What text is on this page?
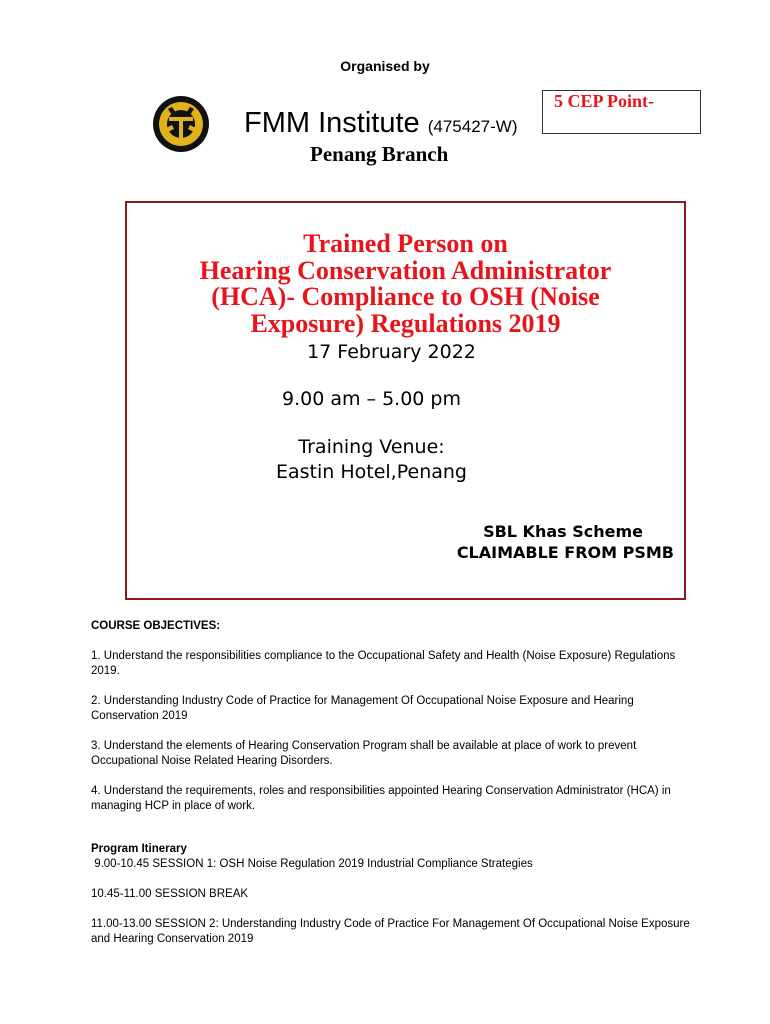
Organised by
FMM Institute (475427-W)
Penang Branch
5 CEP Point-
Trained Person on
Hearing Conservation Administrator
(HCA)- Compliance to OSH (Noise
Exposure) Regulations 2019
17 February 2022
9.00 am – 5.00 pm
Training Venue:
Eastin Hotel,Penang
SBL Khas Scheme
CLAIMABLE FROM PSMB
COURSE OBJECTIVES:
1. Understand the responsibilities compliance to the Occupational Safety and Health (Noise Exposure) Regulations 2019.
2. Understanding Industry Code of Practice for Management Of Occupational Noise Exposure and Hearing Conservation 2019
3. Understand the elements of Hearing Conservation Program shall be available at place of work to prevent Occupational Noise Related Hearing Disorders.
4. Understand the requirements, roles and responsibilities appointed Hearing Conservation Administrator (HCA) in managing HCP in place of work.
Program Itinerary
9.00-10.45 SESSION 1: OSH Noise Regulation 2019 Industrial Compliance Strategies
10.45-11.00 SESSION BREAK
11.00-13.00 SESSION 2: Understanding Industry Code of Practice For Management Of Occupational Noise Exposure and Hearing Conservation 2019
